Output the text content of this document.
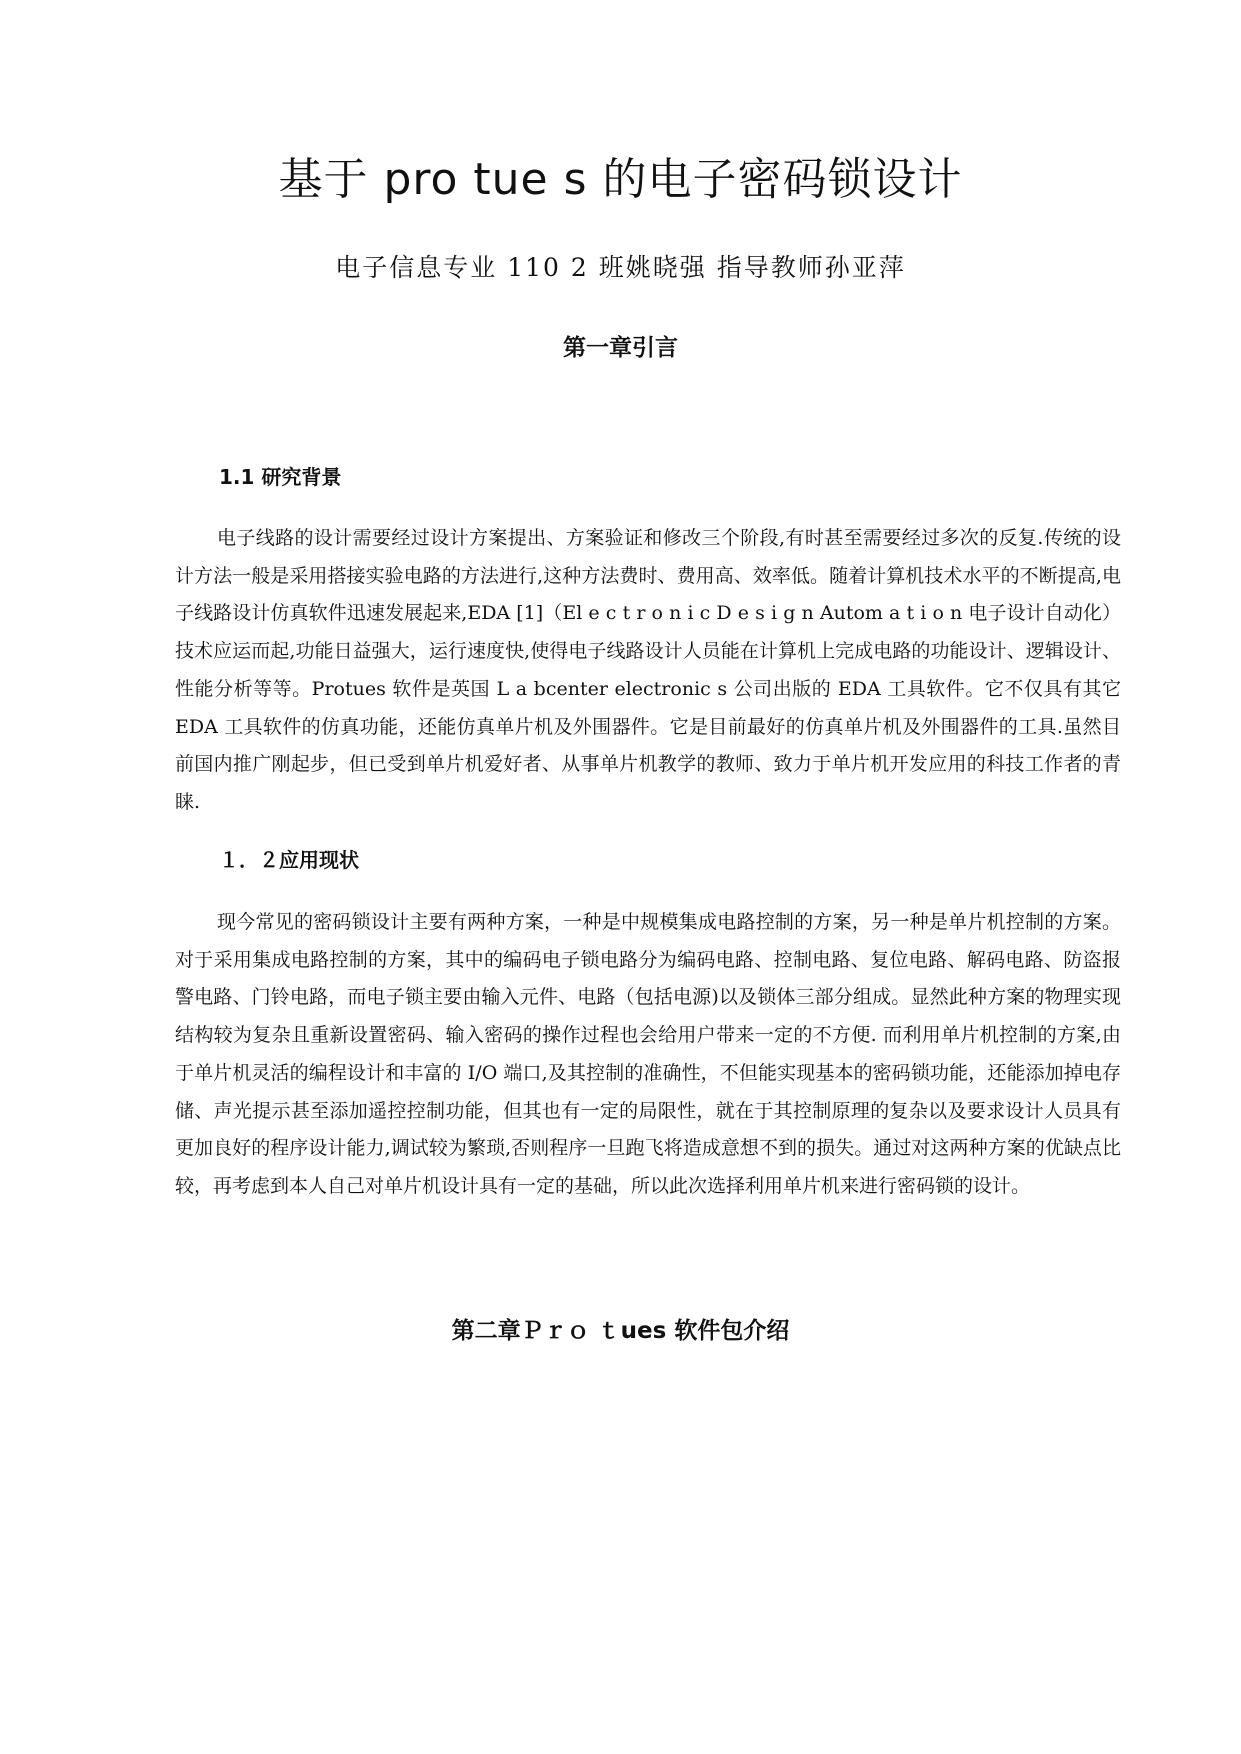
基于 pro tue s 的电子密码锁设计

电子信息专业 110 2 班姚晓强 指导教师孙亚萍

第一章引言
1.1 研究背景

电子线路的设计需要经过设计方案提出、方案验证和修改三个阶段,有时甚至需要经过多次的反复.传统的设计方法一般是采用搭接实验电路的方法进行,这种方法费时、费用高、效率低。随着计算机技术水平的不断提高,电子线路设计仿真软件迅速发展起来,EDA [1]（El e c t r o n i c D e s i g n Autom a t i o n 电子设计自动化）技术应运而起,功能日益强大，运行速度快,使得电子线路设计人员能在计算机上完成电路的功能设计、逻辑设计、性能分析等等。Protues 软件是英国 L a bcenter electronic s 公司出版的 EDA 工具软件。它不仅具有其它 EDA 工具软件的仿真功能，还能仿真单片机及外围器件。它是目前最好的仿真单片机及外围器件的工具.虽然目前国内推广刚起步，但已受到单片机爱好者、从事单片机教学的教师、致力于单片机开发应用的科技工作者的青睐.

１．２应用现状

现今常见的密码锁设计主要有两种方案，一种是中规模集成电路控制的方案，另一种是单片机控制的方案。对于采用集成电路控制的方案，其中的编码电子锁电路分为编码电路、控制电路、复位电路、解码电路、防盗报警电路、门铃电路，而电子锁主要由输入元件、电路（包括电源)以及锁体三部分组成。显然此种方案的物理实现结构较为复杂且重新设置密码、输入密码的操作过程也会给用户带来一定的不方便. 而利用单片机控制的方案,由于单片机灵活的编程设计和丰富的 I/O 端口,及其控制的准确性，不但能实现基本的密码锁功能，还能添加掉电存储、声光提示甚至添加遥控控制功能，但其也有一定的局限性，就在于其控制原理的复杂以及要求设计人员具有更加良好的程序设计能力,调试较为繁琐,否则程序一旦跑飞将造成意想不到的损失。通过对这两种方案的优缺点比较，再考虑到本人自己对单片机设计具有一定的基础，所以此次选择利用单片机来进行密码锁的设计。

第二章Ｐｒｏ ｔues 软件包介绍
